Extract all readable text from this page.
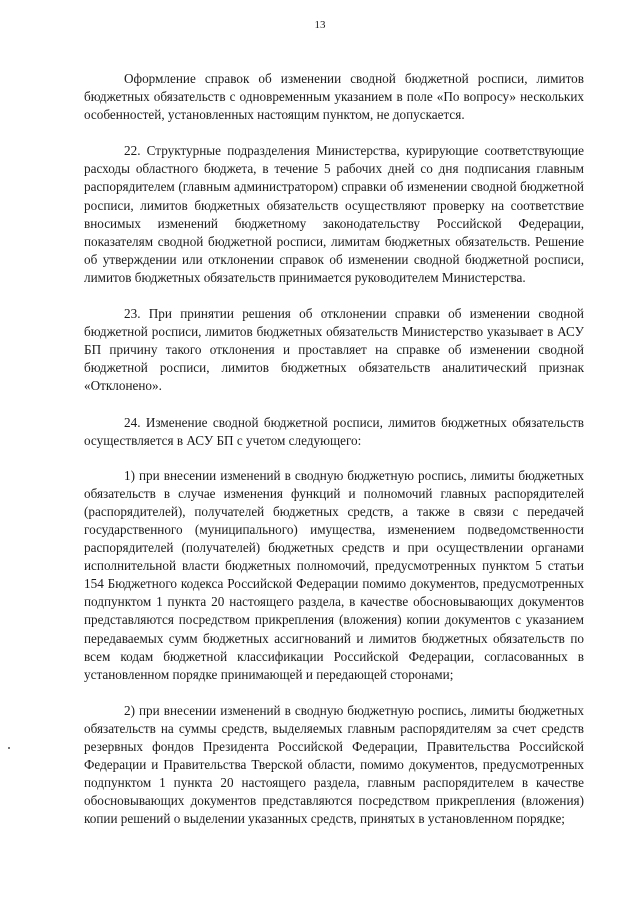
13

Оформление справок об изменении сводной бюджетной росписи, лимитов бюджетных обязательств с одновременным указанием в поле «По вопросу» нескольких особенностей, установленных настоящим пунктом, не допускается.

22. Структурные подразделения Министерства, курирующие соответствующие расходы областного бюджета, в течение 5 рабочих дней со дня подписания главным распорядителем (главным администратором) справки об изменении сводной бюджетной росписи, лимитов бюджетных обязательств осуществляют проверку на соответствие вносимых изменений бюджетному законодательству Российской Федерации, показателям сводной бюджетной росписи, лимитам бюджетных обязательств. Решение об утверждении или отклонении справок об изменении сводной бюджетной росписи, лимитов бюджетных обязательств принимается руководителем Министерства.

23. При принятии решения об отклонении справки об изменении сводной бюджетной росписи, лимитов бюджетных обязательств Министерство указывает в АСУ БП причину такого отклонения и проставляет на справке об изменении сводной бюджетной росписи, лимитов бюджетных обязательств аналитический признак «Отклонено».

24. Изменение сводной бюджетной росписи, лимитов бюджетных обязательств осуществляется в АСУ БП с учетом следующего:

1) при внесении изменений в сводную бюджетную роспись, лимиты бюджетных обязательств в случае изменения функций и полномочий главных распорядителей (распорядителей), получателей бюджетных средств, а также в связи с передачей государственного (муниципального) имущества, изменением подведомственности распорядителей (получателей) бюджетных средств и при осуществлении органами исполнительной власти бюджетных полномочий, предусмотренных пунктом 5 статьи 154 Бюджетного кодекса Российской Федерации помимо документов, предусмотренных подпунктом 1 пункта 20 настоящего раздела, в качестве обосновывающих документов представляются посредством прикрепления (вложения) копии документов с указанием передаваемых сумм бюджетных ассигнований и лимитов бюджетных обязательств по всем кодам бюджетной классификации Российской Федерации, согласованных в установленном порядке принимающей и передающей сторонами;

2) при внесении изменений в сводную бюджетную роспись, лимиты бюджетных обязательств на суммы средств, выделяемых главным распорядителям за счет средств резервных фондов Президента Российской Федерации, Правительства Российской Федерации и Правительства Тверской области, помимо документов, предусмотренных подпунктом 1 пункта 20 настоящего раздела, главным распорядителем в качестве обосновывающих документов представляются посредством прикрепления (вложения) копии решений о выделении указанных средств, принятых в установленном порядке;
